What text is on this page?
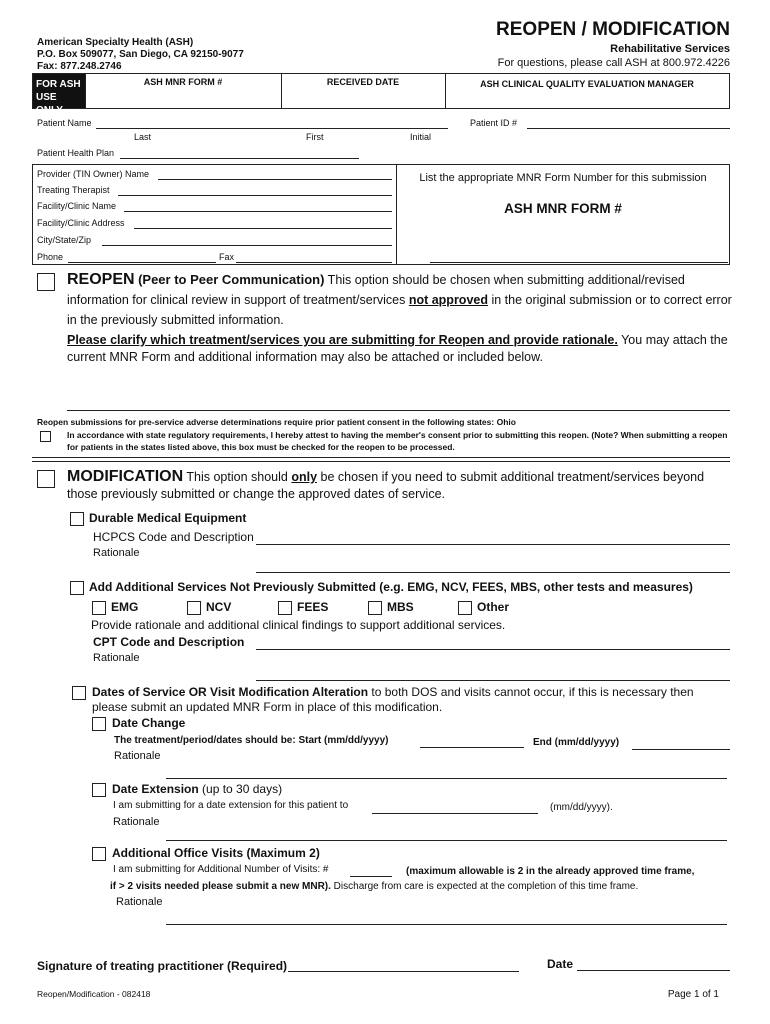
American Specialty Health (ASH)
P.O. Box 509077, San Diego, CA 92150-9077
Fax: 877.248.2746
REOPEN / MODIFICATION
Rehabilitative Services
For questions, please call ASH at 800.972.4226
FOR ASH USE ONLY
ASH MNR FORM #	RECEIVED DATE	ASH CLINICAL QUALITY EVALUATION MANAGER
Patient Name
Last	First	Initial
Patient ID #
Patient Health Plan
Provider (TIN Owner) Name
Treating Therapist
Facility/Clinic Name
Facility/Clinic Address
City/State/Zip
Phone	Fax
List the appropriate MNR Form Number for this submission
ASH MNR FORM #
REOPEN (Peer to Peer Communication) This option should be chosen when submitting additional/revised information for clinical review in support of treatment/services not approved in the original submission or to correct error in the previously submitted information.
Please clarify which treatment/services you are submitting for Reopen and provide rationale. You may attach the current MNR Form and additional information may also be attached or included below.
Reopen submissions for pre-service adverse determinations require prior patient consent in the following states: Ohio
In accordance with state regulatory requirements, I hereby attest to having the member's consent prior to submitting this reopen. (Note? When submitting a reopen for patients in the states listed above, this box must be checked for the reopen to be processed.
MODIFICATION This option should only be chosen if you need to submit additional treatment/services beyond those previously submitted or change the approved dates of service.
Durable Medical Equipment
HCPCS Code and Description
Rationale
Add Additional Services Not Previously Submitted (e.g. EMG, NCV, FEES, MBS, other tests and measures)
EMG	NCV	FEES	MBS	Other
Provide rationale and additional clinical findings to support additional services.
CPT Code and Description
Rationale
Dates of Service OR Visit Modification Alteration to both DOS and visits cannot occur, if this is necessary then please submit an updated MNR Form in place of this modification.
Date Change
The treatment/period/dates should be: Start (mm/dd/yyyy)	End (mm/dd/yyyy)
Rationale
Date Extension (up to 30 days)
I am submitting for a date extension for this patient to	(mm/dd/yyyy).
Rationale
Additional Office Visits (Maximum 2)
I am submitting for Additional Number of Visits: #	(maximum allowable is 2 in the already approved time frame,
if > 2 visits needed please submit a new MNR). Discharge from care is expected at the completion of this time frame.
Rationale
Signature of treating practitioner (Required)	Date
Reopen/Modification - 082418	Page 1 of 1
